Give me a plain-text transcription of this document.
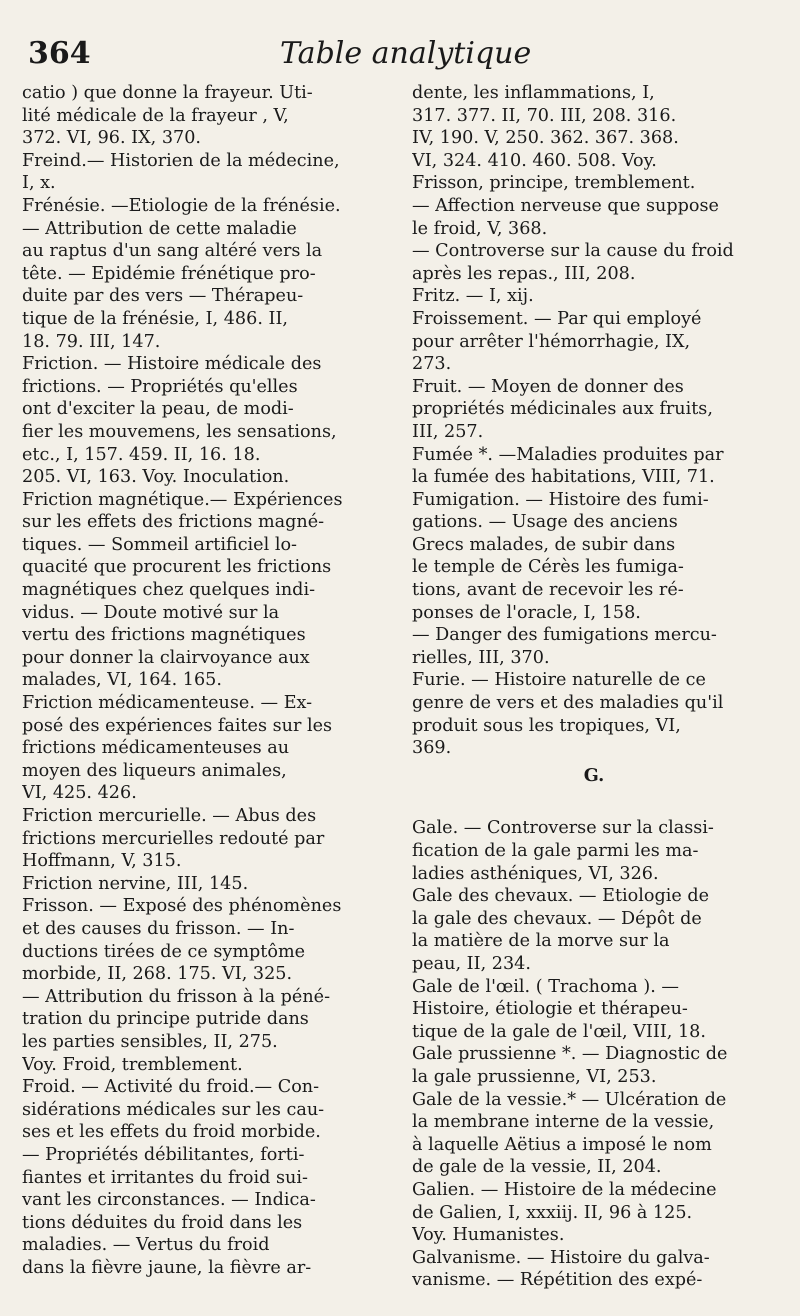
364	Table analytique
catio ) que donne la frayeur. Uti-
lité médicale de la frayeur , V,
372. VI, 96. IX, 370.
Freind.— Historien de la médecine,
I, x.
Frénésie. —Etiologie de la frénésie.
— Attribution de cette maladie
au raptus d'un sang altéré vers la
tête. — Epidémie frénétique pro-
duite par des vers — Thérapeu-
tique de la frénésie, I, 486. II,
18. 79. III, 147.
Friction. — Histoire médicale des
frictions. — Propriétés qu'elles
ont d'exciter la peau, de modi-
fier les mouvemens, les sensations,
etc., I, 157. 459. II, 16. 18.
205. VI, 163. Voy. Inoculation.
Friction magnétique.— Expériences
sur les effets des frictions magné-
tiques. — Sommeil artificiel lo-
quacité que procurent les frictions
magnétiques chez quelques indi-
vidus. — Doute motivé sur la
vertu des frictions magnétiques
pour donner la clairvoyance aux
malades, VI, 164. 165.
Friction médicamenteuse. — Ex-
posé des expériences faites sur les
frictions médicamenteuses au
moyen des liqueurs animales,
VI, 425. 426.
Friction mercurielle. — Abus des
frictions mercurielles redouté par
Hoffmann, V, 315.
Friction nervine, III, 145.
Frisson. — Exposé des phénomènes
et des causes du frisson. — In-
ductions tirées de ce symptôme
morbide, II, 268. 175. VI, 325.
— Attribution du frisson à la péné-
tration du principe putride dans
les parties sensibles, II, 275.
Voy. Froid, tremblement.
Froid. — Activité du froid.— Con-
sidérations médicales sur les cau-
ses et les effets du froid morbide.
— Propriétés débilitantes, forti-
fiantes et irritantes du froid sui-
vant les circonstances. — Indica-
tions déduites du froid dans les
maladies. — Vertus du froid
dans la fièvre jaune, la fièvre ar-
dente, les inflammations, I,
317. 377. II, 70. III, 208. 316.
IV, 190. V, 250. 362. 367. 368.
VI, 324. 410. 460. 508. Voy.
Frisson, principe, tremblement.
— Affection nerveuse que suppose
le froid, V, 368.
— Controverse sur la cause du froid
après les repas., III, 208.
Fritz. — I, xij.
Froissement. — Par qui employé
pour arrêter l'hémorrhagie, IX,
273.
Fruit. — Moyen de donner des
propriétés médicinales aux fruits,
III, 257.
Fumée *. —Maladies produites par
la fumée des habitations, VIII, 71.
Fumigation. — Histoire des fumi-
gations. — Usage des anciens
Grecs malades, de subir dans
le temple de Cérès les fumiga-
tions, avant de recevoir les ré-
ponses de l'oracle, I, 158.
— Danger des fumigations mercu-
rielles, III, 370.
Furie. — Histoire naturelle de ce
genre de vers et des maladies qu'il
produit sous les tropiques, VI,
369.
G.
Gale. — Controverse sur la classi-
fication de la gale parmi les ma-
ladies asthéniques, VI, 326.
Gale des chevaux. — Etiologie de
la gale des chevaux. — Dépôt de
la matière de la morve sur la
peau, II, 234.
Gale de l'œil. ( Trachoma ). —
Histoire, étiologie et thérapeu-
tique de la gale de l'œil, VIII, 18.
Gale prussienne *. — Diagnostic de
la gale prussienne, VI, 253.
Gale de la vessie.* — Ulcération de
la membrane interne de la vessie,
à laquelle Aëtius a imposé le nom
de gale de la vessie, II, 204.
Galien. — Histoire de la médecine
de Galien, I, xxxiij. II, 96 à 125.
Voy. Humanistes.
Galvanisme. — Histoire du galva-
vanisme. — Répétition des expé-
